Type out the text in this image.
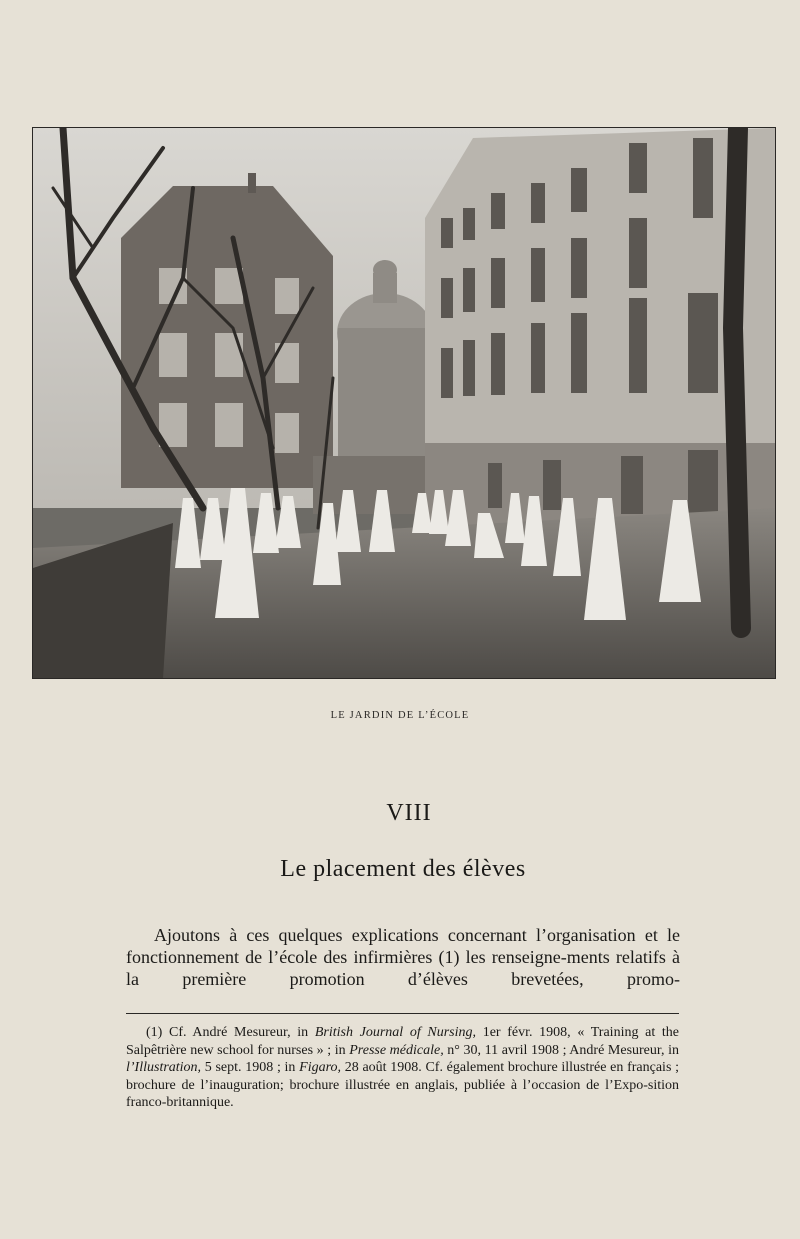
LE JARDIN DE L’ÉCOLE
VIII
Le placement des élèves

Ajoutons à ces quelques explications concernant l’organisation et le fonctionnement de l’école des infirmières (1) les renseigne-ments relatifs à la première promotion d’élèves brevetées, promo-

(1) Cf. André Mesureur, in British Journal of Nursing, 1er févr. 1908, « Training at the Salpêtrière new school for nurses » ; in Presse médicale, n° 30, 11 avril 1908 ; André Mesureur, in l’Illustration, 5 sept. 1908 ; in Figaro, 28 août 1908. Cf. également brochure illustrée en français ; brochure de l’inauguration; brochure illustrée en anglais, publiée à l’occasion de l’Expo-sition franco-britannique.
